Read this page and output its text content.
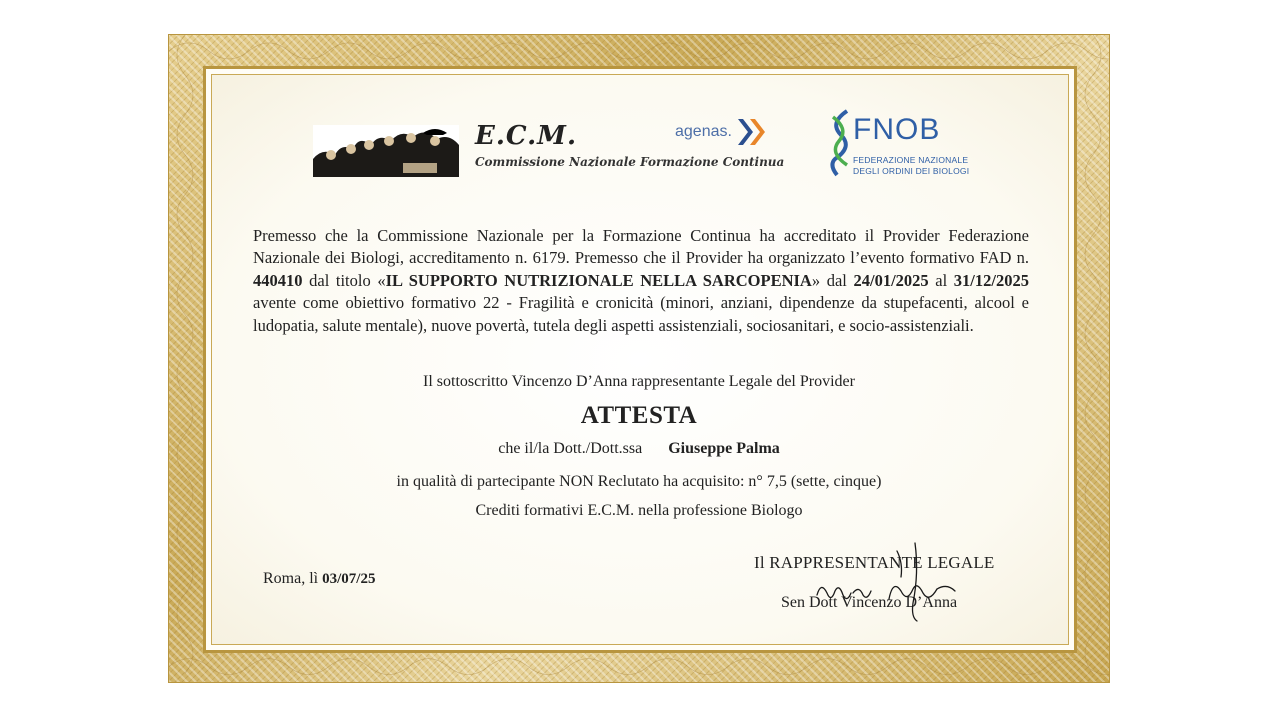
E.C.M.
Commissione Nazionale Formazione Continua
agenas.	FNOB
FEDERAZIONE NAZIONALE
DEGLI ORDINI DEI BIOLOGI

Premesso che la Commissione Nazionale per la Formazione Continua ha accreditato il Provider Federazione Nazionale dei Biologi, accreditamento n. 6179. Premesso che il Provider ha organizzato l’evento formativo FAD n. 440410 dal titolo «IL SUPPORTO NUTRIZIONALE NELLA SARCOPENIA» dal 24/01/2025 al 31/12/2025 avente come obiettivo formativo 22 - Fragilità e cronicità (minori, anziani, dipendenze da stupefacenti, alcool e ludopatia, salute mentale), nuove povertà, tutela degli aspetti assistenziali, sociosanitari, e socio-assistenziali.

Il sottoscritto Vincenzo D’Anna rappresentante Legale del Provider
ATTESTA
che il/la Dott./Dott.ssa Giuseppe Palma
in qualità di partecipante NON Reclutato ha acquisito: n° 7,5 (sette, cinque)
Crediti formativi E.C.M. nella professione Biologo
Roma, lì 03/07/25
Il RAPPRESENTANTE LEGALE
Sen Dott Vincenzo D’Anna
